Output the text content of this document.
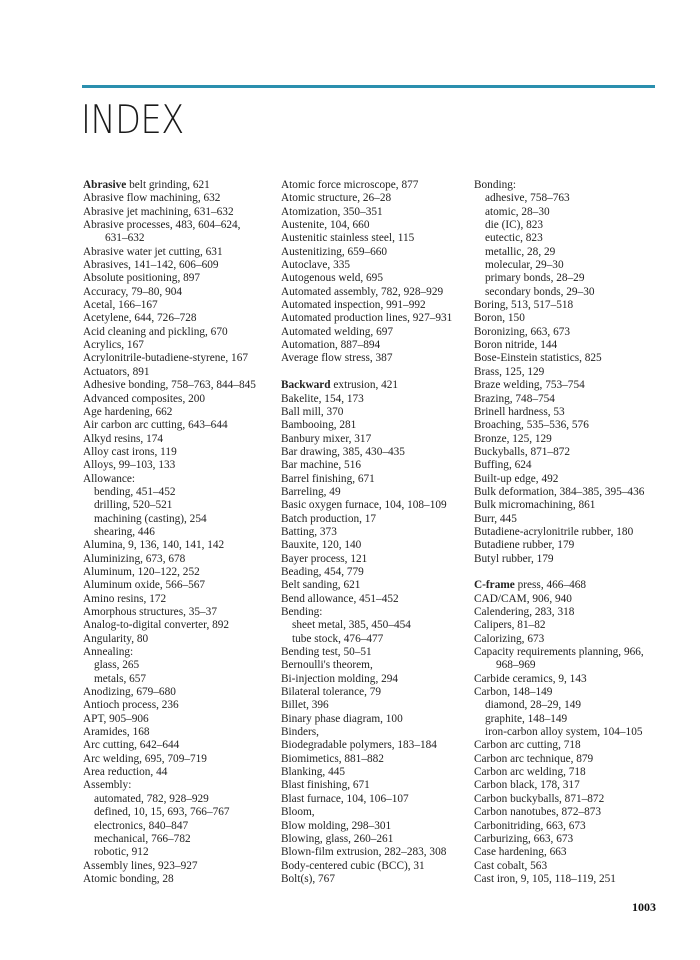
INDEX
Abrasive belt grinding, 621
Abrasive flow machining, 632
Abrasive jet machining, 631–632
Abrasive processes, 483, 604–624,
631–632
Abrasive water jet cutting, 631
Abrasives, 141–142, 606–609
Absolute positioning, 897
Accuracy, 79–80, 904
Acetal, 166–167
Acetylene, 644, 726–728
Acid cleaning and pickling, 670
Acrylics, 167
Acrylonitrile-butadiene-styrene, 167
Actuators, 891
Adhesive bonding, 758–763, 844–845
Advanced composites, 200
Age hardening, 662
Air carbon arc cutting, 643–644
Alkyd resins, 174
Alloy cast irons, 119
Alloys, 99–103, 133
Allowance:
bending, 451–452
drilling, 520–521
machining (casting), 254
shearing, 446
Alumina, 9, 136, 140, 141, 142
Aluminizing, 673, 678
Aluminum, 120–122, 252
Aluminum oxide, 566–567
Amino resins, 172
Amorphous structures, 35–37
Analog-to-digital converter, 892
Angularity, 80
Annealing:
glass, 265
metals, 657
Anodizing, 679–680
Antioch process, 236
APT, 905–906
Aramides, 168
Arc cutting, 642–644
Arc welding, 695, 709–719
Area reduction, 44
Assembly:
automated, 782, 928–929
defined, 10, 15, 693, 766–767
electronics, 840–847
mechanical, 766–782
robotic, 912
Assembly lines, 923–927
Atomic bonding, 28
Atomic force microscope, 877
Atomic structure, 26–28
Atomization, 350–351
Austenite, 104, 660
Austenitic stainless steel, 115
Austenitizing, 659–660
Autoclave, 335
Autogenous weld, 695
Automated assembly, 782, 928–929
Automated inspection, 991–992
Automated production lines, 927–931
Automated welding, 697
Automation, 887–894
Average flow stress, 387
Backward extrusion, 421
Bakelite, 154, 173
Ball mill, 370
Bambooing, 281
Banbury mixer, 317
Bar drawing, 385, 430–435
Bar machine, 516
Barrel finishing, 671
Barreling, 49
Basic oxygen furnace, 104, 108–109
Batch production, 17
Batting, 373
Bauxite, 120, 140
Bayer process, 121
Beading, 454, 779
Belt sanding, 621
Bend allowance, 451–452
Bending:
sheet metal, 385, 450–454
tube stock, 476–477
Bending test, 50–51
Bernoulli's theorem,
Bi-injection molding, 294
Bilateral tolerance, 79
Billet, 396
Binary phase diagram, 100
Binders,
Biodegradable polymers, 183–184
Biomimetics, 881–882
Blanking, 445
Blast finishing, 671
Blast furnace, 104, 106–107
Bloom,
Blow molding, 298–301
Blowing, glass, 260–261
Blown-film extrusion, 282–283, 308
Body-centered cubic (BCC), 31
Bolt(s), 767
Bonding:
adhesive, 758–763
atomic, 28–30
die (IC), 823
eutectic, 823
metallic, 28, 29
molecular, 29–30
primary bonds, 28–29
secondary bonds, 29–30
Boring, 513, 517–518
Boron, 150
Boronizing, 663, 673
Boron nitride, 144
Bose-Einstein statistics, 825
Brass, 125, 129
Braze welding, 753–754
Brazing, 748–754
Brinell hardness, 53
Broaching, 535–536, 576
Bronze, 125, 129
Buckyballs, 871–872
Buffing, 624
Built-up edge, 492
Bulk deformation, 384–385, 395–436
Bulk micromachining, 861
Burr, 445
Butadiene-acrylonitrile rubber, 180
Butadiene rubber, 179
Butyl rubber, 179
C-frame press, 466–468
CAD/CAM, 906, 940
Calendering, 283, 318
Calipers, 81–82
Calorizing, 673
Capacity requirements planning, 966,
968–969
Carbide ceramics, 9, 143
Carbon, 148–149
diamond, 28–29, 149
graphite, 148–149
iron-carbon alloy system, 104–105
Carbon arc cutting, 718
Carbon arc technique, 879
Carbon arc welding, 718
Carbon black, 178, 317
Carbon buckyballs, 871–872
Carbon nanotubes, 872–873
Carbonitriding, 663, 673
Carburizing, 663, 673
Case hardening, 663
Cast cobalt, 563
Cast iron, 9, 105, 118–119, 251
1003
